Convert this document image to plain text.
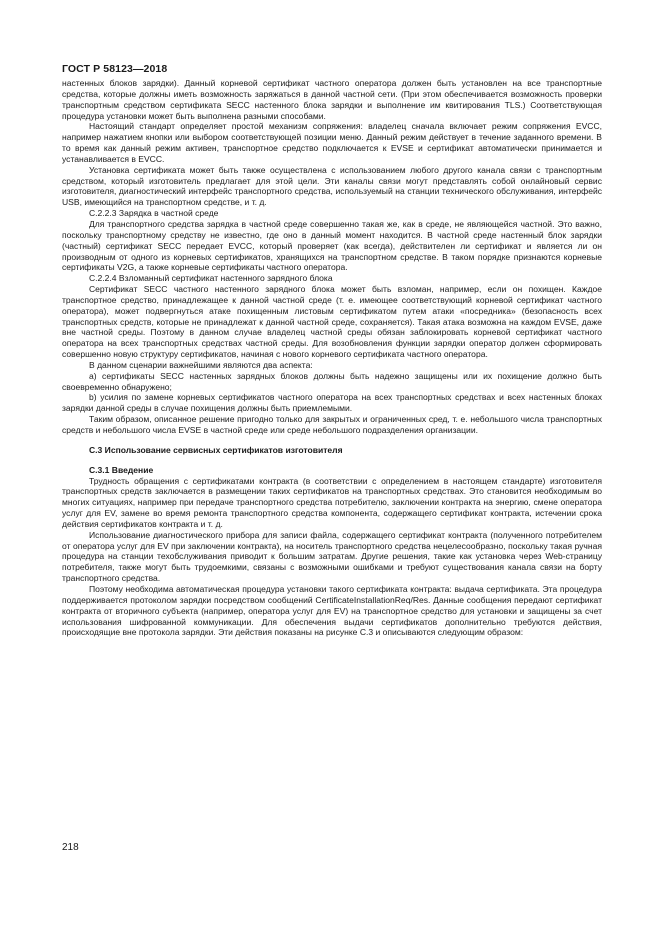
ГОСТ Р 58123—2018

настенных блоков зарядки). Данный корневой сертификат частного оператора должен быть установлен на все транспортные средства, которые должны иметь возможность заряжаться в данной частной сети. (При этом обеспечивается возможность проверки транспортным средством сертификата SECC настенного блока зарядки и выполнение им квитирования TLS.) Соответствующая процедура установки может быть выполнена разными способами.

Настоящий стандарт определяет простой механизм сопряжения: владелец сначала включает режим сопряжения EVCC, например нажатием кнопки или выбором соответствующей позиции меню. Данный режим действует в течение заданного времени. В то время как данный режим активен, транспортное средство подключается к EVSE и сертификат автоматически принимается и устанавливается в EVCC.

Установка сертификата может быть также осуществлена с использованием любого другого канала связи с транспортным средством, который изготовитель предлагает для этой цели. Эти каналы связи могут представлять собой онлайновый сервис изготовителя, диагностический интерфейс транспортного средства, используемый на станции технического обслуживания, интерфейс USB, имеющийся на транспортном средстве, и т. д.

С.2.2.3 Зарядка в частной среде

Для транспортного средства зарядка в частной среде совершенно такая же, как в среде, не являющейся частной. Это важно, поскольку транспортному средству не известно, где оно в данный момент находится. В частной среде настенный блок зарядки (частный) сертификат SECC передает EVCC, который проверяет (как всегда), действителен ли сертификат и является ли он производным от одного из корневых сертификатов, хранящихся на транспортном средстве. В таком порядке признаются корневые сертификаты V2G, а также корневые сертификаты частного оператора.

С.2.2.4 Взломанный сертификат настенного зарядного блока

Сертификат SECC частного настенного зарядного блока может быть взломан, например, если он похищен. Каждое транспортное средство, принадлежащее к данной частной среде (т. е. имеющее соответствующий корневой сертификат частного оператора), может подвергнуться атаке похищенным листовым сертификатом путем атаки «посредника» (безопасность всех транспортных средств, которые не принадлежат к данной частной среде, сохраняется). Такая атака возможна на каждом EVSE, даже вне частной среды. Поэтому в данном случае владелец частной среды обязан заблокировать корневой сертификат частного оператора на всех транспортных средствах частной среды. Для возобновления функции зарядки оператор должен сформировать совершенно новую структуру сертификатов, начиная с нового корневого сертификата частного оператора.

В данном сценарии важнейшими являются два аспекта:

a) сертификаты SECC настенных зарядных блоков должны быть надежно защищены или их похищение должно быть своевременно обнаружено;

b) усилия по замене корневых сертификатов частного оператора на всех транспортных средствах и всех настенных блоках зарядки данной среды в случае похищения должны быть приемлемыми.

Таким образом, описанное решение пригодно только для закрытых и ограниченных сред, т. е. небольшого числа транспортных средств и небольшого числа EVSE в частной среде или среде небольшого подразделения организации.

С.3 Использование сервисных сертификатов изготовителя

С.3.1 Введение

Трудность обращения с сертификатами контракта (в соответствии с определением в настоящем стандарте) изготовителя транспортных средств заключается в размещении таких сертификатов на транспортных средствах. Это становится необходимым во многих ситуациях, например при передаче транспортного средства потребителю, заключении контракта на энергию, смене оператора услуг для EV, замене во время ремонта транспортного средства компонента, содержащего сертификат контракта, истечении срока действия сертификатов контракта и т. д.

Использование диагностического прибора для записи файла, содержащего сертификат контракта (полученного потребителем от оператора услуг для EV при заключении контракта), на носитель транспортного средства нецелесообразно, поскольку такая ручная процедура на станции техобслуживания приводит к большим затратам. Другие решения, такие как установка через Web-страницу потребителя, также могут быть трудоемкими, связаны с возможными ошибками и требуют существования канала связи на борту транспортного средства.

Поэтому необходима автоматическая процедура установки такого сертификата контракта: выдача сертификата. Эта процедура поддерживается протоколом зарядки посредством сообщений CertificateInstallationReq/Res. Данные сообщения передают сертификат контракта от вторичного субъекта (например, оператора услуг для EV) на транспортное средство для установки и защищены за счет использования шифрованной коммуникации. Для обеспечения выдачи сертификатов дополнительно требуются действия, происходящие вне протокола зарядки. Эти действия показаны на рисунке С.3 и описываются следующим образом:

218
